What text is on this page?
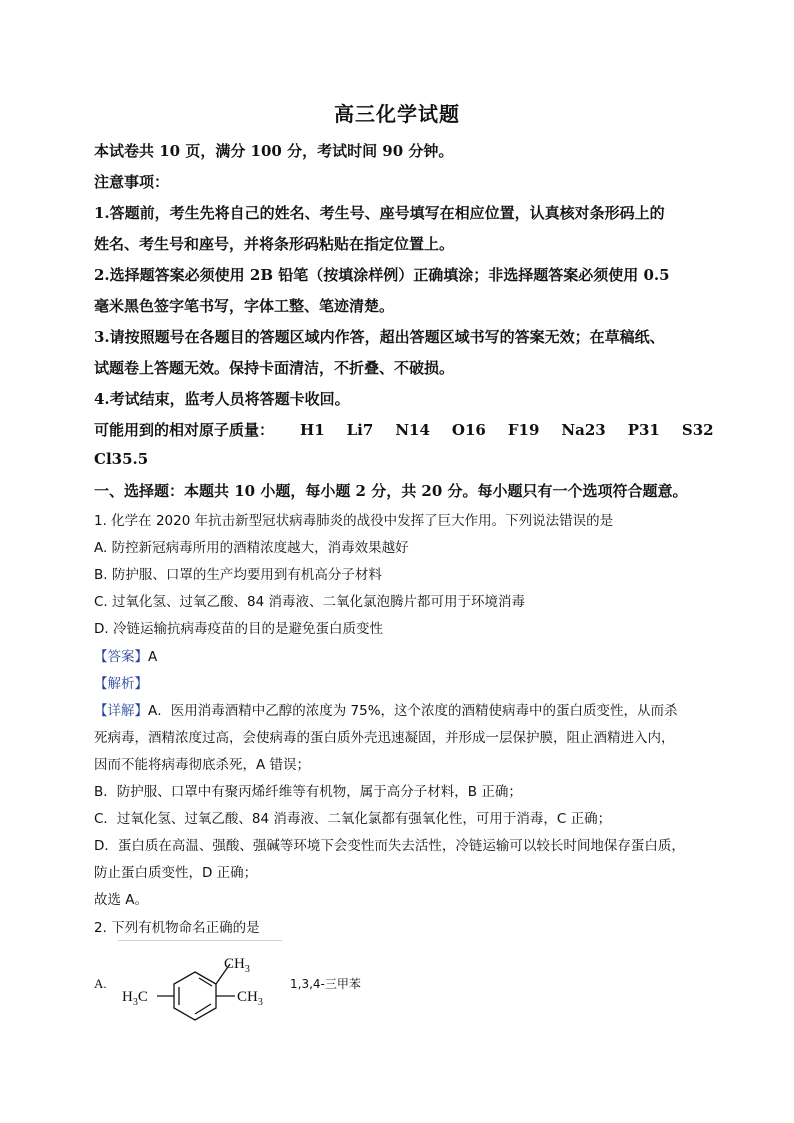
高三化学试题
本试卷共 10 页，满分 100 分，考试时间 90 分钟。
注意事项：
1.答题前，考生先将自己的姓名、考生号、座号填写在相应位置，认真核对条形码上的
姓名、考生号和座号，并将条形码粘贴在指定位置上。
2.选择题答案必须使用 2B 铅笔（按填涂样例）正确填涂；非选择题答案必须使用 0.5
毫米黑色签字笔书写，字体工整、笔迹清楚。
3.请按照题号在各题目的答题区域内作答，超出答题区域书写的答案无效；在草稿纸、
试题卷上答题无效。保持卡面清洁，不折叠、不破损。
4.考试结束，监考人员将答题卡收回。
可能用到的相对原子质量： H1 Li7 N14 O16 F19 Na23 P31 S32
Cl35.5
一、选择题：本题共 10 小题，每小题 2 分，共 20 分。每小题只有一个选项符合题意。
1. 化学在 2020 年抗击新型冠状病毒肺炎的战役中发挥了巨大作用。下列说法错误的是
A. 防控新冠病毒所用的酒精浓度越大，消毒效果越好
B. 防护服、口罩的生产均要用到有机高分子材料
C. 过氧化氢、过氧乙酸、84 消毒液、二氧化氯泡腾片都可用于环境消毒
D. 冷链运输抗病毒疫苗的目的是避免蛋白质变性
【答案】A
【解析】
【详解】A．医用消毒酒精中乙醇的浓度为 75%，这个浓度的酒精使病毒中的蛋白质变性，从而杀
死病毒，酒精浓度过高，会使病毒的蛋白质外壳迅速凝固，并形成一层保护膜，阻止酒精进入内，
因而不能将病毒彻底杀死，A 错误；
B．防护服、口罩中有聚丙烯纤维等有机物，属于高分子材料，B 正确；
C．过氧化氢、过氧乙酸、84 消毒液、二氧化氯都有强氧化性，可用于消毒，C 正确；
D．蛋白质在高温、强酸、强碱等环境下会变性而失去活性，冷链运输可以较长时间地保存蛋白质，
防止蛋白质变性，D 正确；
故选 A。
2. 下列有机物命名正确的是
A.
$H_3C$
$CH_3$
$CH_3$
1,3,4-三甲苯
